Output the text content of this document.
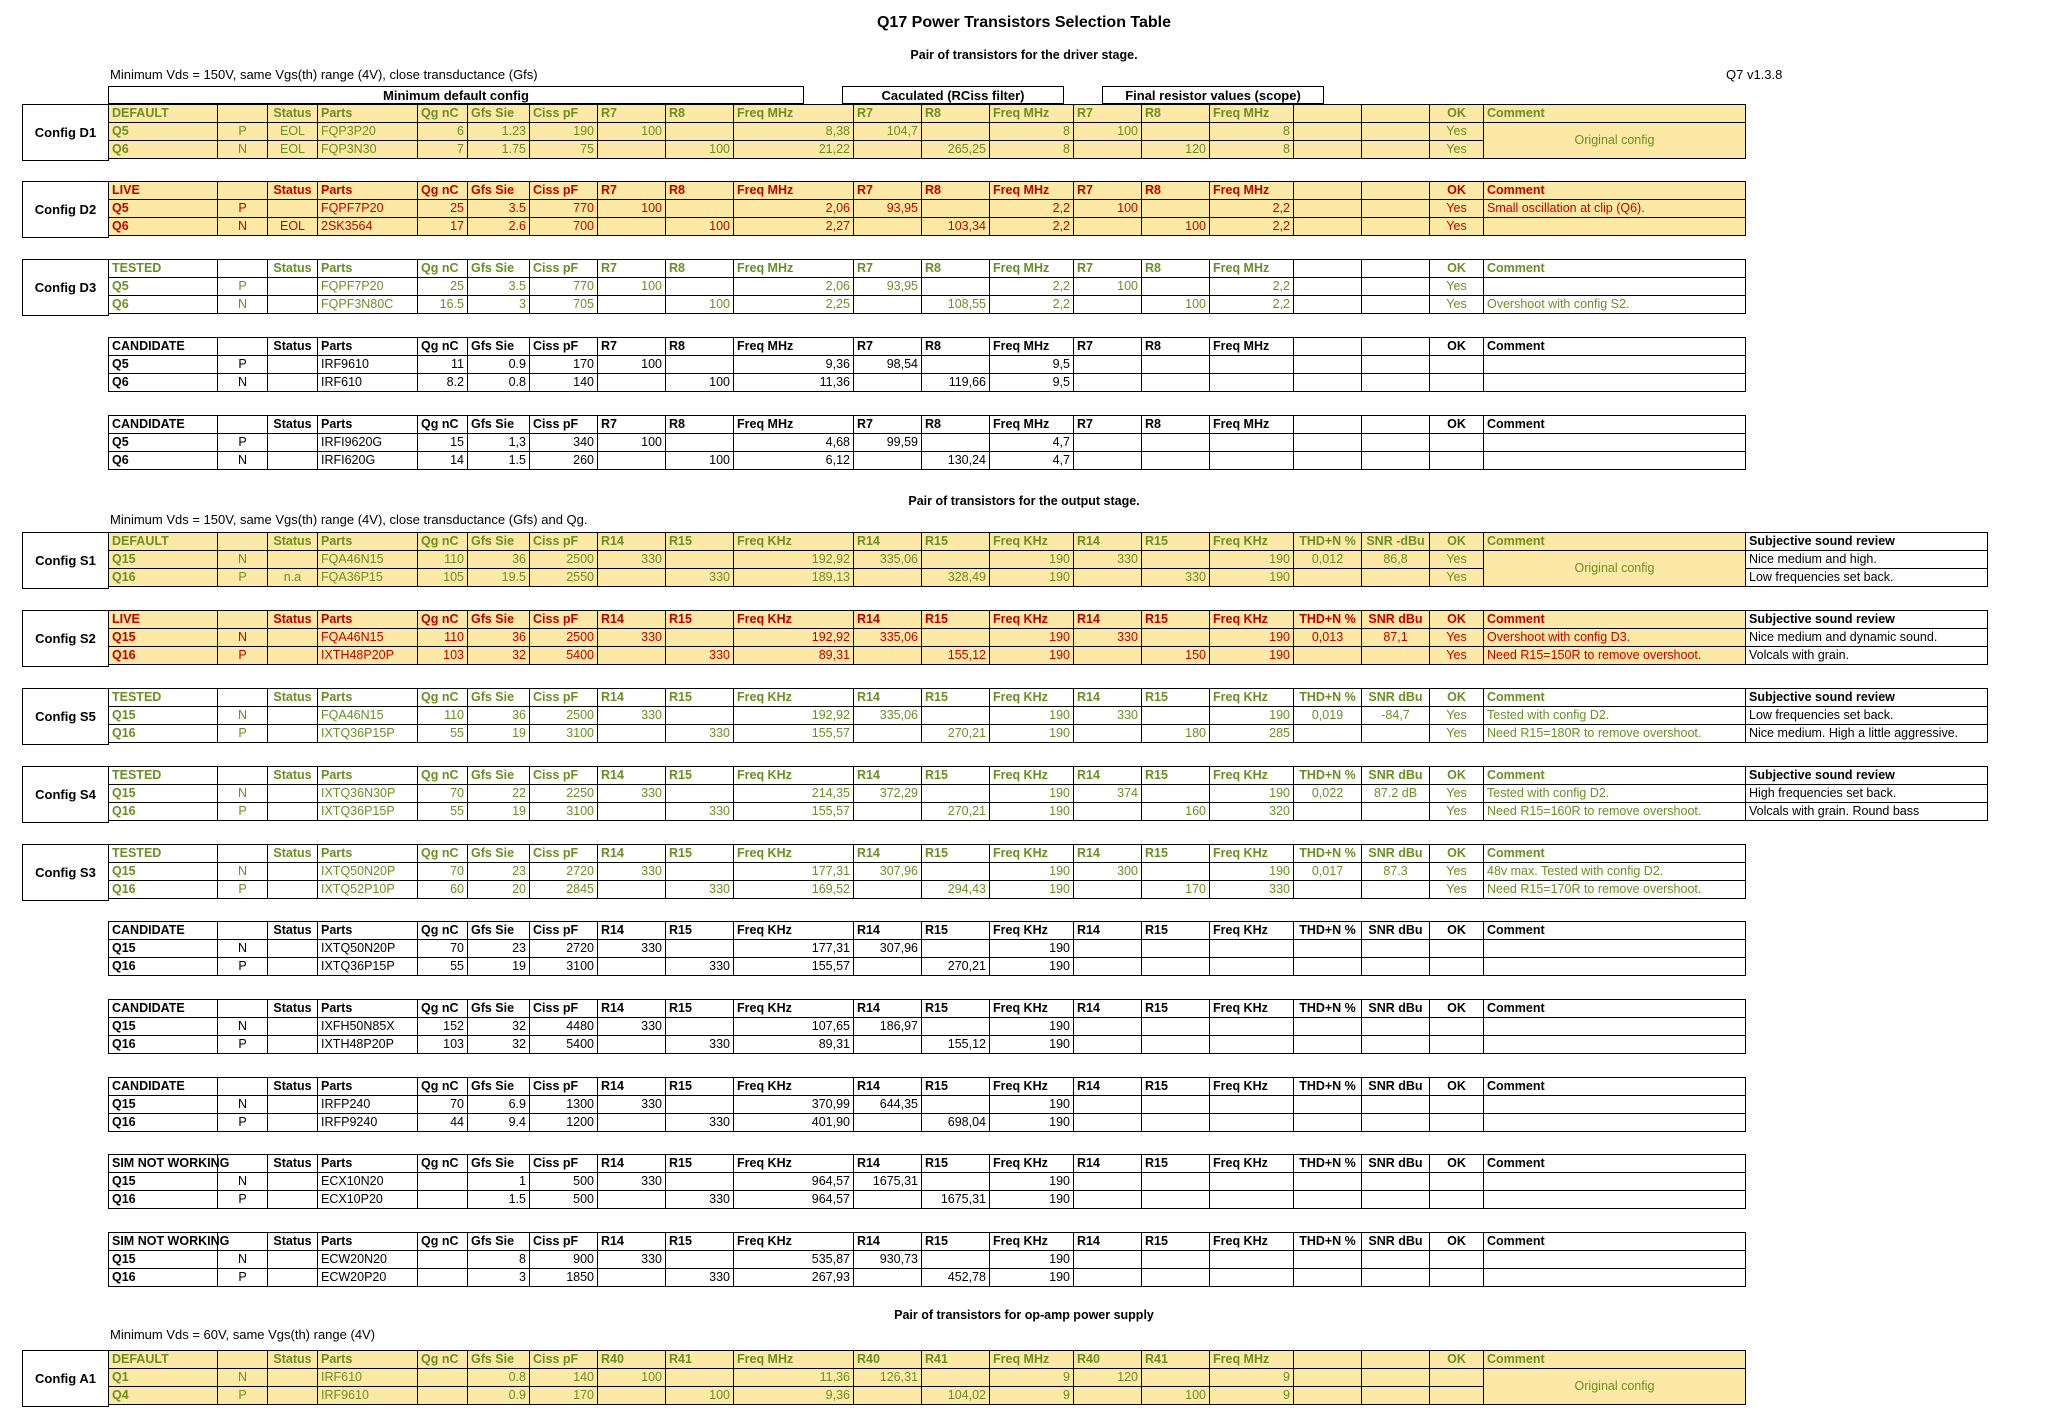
Q17 Power Transistors Selection Table
Pair of transistors for the driver stage.
Minimum Vds = 150V, same Vgs(th) range (4V), close transductance (Gfs)	Q7 v1.3.8
Minimum default config	Caculated (RCiss filter)	Final resistor values (scope)
Pair of transistors for the output stage.
Minimum Vds = 150V, same Vgs(th) range (4V), close transductance (Gfs) and Qg.
Pair of transistors for op-amp power supply
Minimum Vds = 60V, same Vgs(th) range (4V)
DEFAULT		Status	Parts	Qg nC	Gfs Sie	Ciss pF	R7	R8	Freq MHz	R7	R8	Freq MHz	R7	R8	Freq MHz			OK	Comment
Q5	P	EOL	FQP3P20	6	1.23	190	100		8,38	104,7		8	100		8			Yes	Original config
Q6	N	EOL	FQP3N30	7	1.75	75		100	21,22		265,25	8		120	8			Yes	
Config D1
LIVE		Status	Parts	Qg nC	Gfs Sie	Ciss pF	R7	R8	Freq MHz	R7	R8	Freq MHz	R7	R8	Freq MHz			OK	Comment
Q5	P		FQPF7P20	25	3.5	770	100		2,06	93,95		2,2	100		2,2			Yes	Small oscillation at clip (Q6).
Q6	N	EOL	2SK3564	17	2.6	700		100	2,27		103,34	2,2		100	2,2			Yes	
Config D2
TESTED		Status	Parts	Qg nC	Gfs Sie	Ciss pF	R7	R8	Freq MHz	R7	R8	Freq MHz	R7	R8	Freq MHz			OK	Comment
Q5	P		FQPF7P20	25	3.5	770	100		2,06	93,95		2,2	100		2,2			Yes	
Q6	N		FQPF3N80C	16.5	3	705		100	2,25		108,55	2,2		100	2,2			Yes	Overshoot with config S2.
Config D3
CANDIDATE		Status	Parts	Qg nC	Gfs Sie	Ciss pF	R7	R8	Freq MHz	R7	R8	Freq MHz	R7	R8	Freq MHz			OK	Comment
Q5	P		IRF9610	11	0.9	170	100		9,36	98,54		9,5							
Q6	N		IRF610	8.2	0.8	140		100	11,36		119,66	9,5							
CANDIDATE		Status	Parts	Qg nC	Gfs Sie	Ciss pF	R7	R8	Freq MHz	R7	R8	Freq MHz	R7	R8	Freq MHz			OK	Comment
Q5	P		IRFI9620G	15	1,3	340	100		4,68	99,59		4,7							
Q6	N		IRFI620G	14	1.5	260		100	6,12		130,24	4,7							
DEFAULT		Status	Parts	Qg nC	Gfs Sie	Ciss pF	R14	R15	Freq KHz	R14	R15	Freq KHz	R14	R15	Freq KHz	THD+N %	SNR -dBu	OK	Comment	Subjective sound review
Q15	N		FQA46N15	110	36	2500	330		192,92	335,06		190	330		190	0,012	86,8	Yes	Original config	Nice medium and high.
Q16	P	n.a	FQA36P15	105	19.5	2550		330	189,13		328,49	190		330	190			Yes		Low frequencies set back.
Config S1
LIVE		Status	Parts	Qg nC	Gfs Sie	Ciss pF	R14	R15	Freq KHz	R14	R15	Freq KHz	R14	R15	Freq KHz	THD+N %	SNR dBu	OK	Comment	Subjective sound review
Q15	N		FQA46N15	110	36	2500	330		192,92	335,06		190	330		190	0,013	87,1	Yes	Overshoot with config D3.	Nice medium and dynamic sound.
Q16	P		IXTH48P20P	103	32	5400		330	89,31		155,12	190		150	190			Yes	Need R15=150R to remove overshoot.	Volcals with grain.
Config S2
TESTED		Status	Parts	Qg nC	Gfs Sie	Ciss pF	R14	R15	Freq KHz	R14	R15	Freq KHz	R14	R15	Freq KHz	THD+N %	SNR dBu	OK	Comment	Subjective sound review
Q15	N		FQA46N15	110	36	2500	330		192,92	335,06		190	330		190	0,019	-84,7	Yes	Tested with config D2.	Low frequencies set back.
Q16	P		IXTQ36P15P	55	19	3100		330	155,57		270,21	190		180	285			Yes	Need R15=180R to remove overshoot.	Nice medium. High a little aggressive.
Config S5
TESTED		Status	Parts	Qg nC	Gfs Sie	Ciss pF	R14	R15	Freq KHz	R14	R15	Freq KHz	R14	R15	Freq KHz	THD+N %	SNR dBu	OK	Comment	Subjective sound review
Q15	N		IXTQ36N30P	70	22	2250	330		214,35	372,29		190	374		190	0,022	87.2 dB	Yes	Tested with config D2.	High frequencies set back.
Q16	P		IXTQ36P15P	55	19	3100		330	155,57		270,21	190		160	320			Yes	Need R15=160R to remove overshoot.	Volcals with grain. Round bass
Config S4
TESTED		Status	Parts	Qg nC	Gfs Sie	Ciss pF	R14	R15	Freq KHz	R14	R15	Freq KHz	R14	R15	Freq KHz	THD+N %	SNR dBu	OK	Comment
Q15	N		IXTQ50N20P	70	23	2720	330		177,31	307,96		190	300		190	0,017	87.3	Yes	48v max. Tested with config D2.
Q16	P		IXTQ52P10P	60	20	2845		330	169,52		294,43	190		170	330			Yes	Need R15=170R to remove overshoot.
Config S3
CANDIDATE		Status	Parts	Qg nC	Gfs Sie	Ciss pF	R14	R15	Freq KHz	R14	R15	Freq KHz	R14	R15	Freq KHz	THD+N %	SNR dBu	OK	Comment
Q15	N		IXTQ50N20P	70	23	2720	330		177,31	307,96		190							
Q16	P		IXTQ36P15P	55	19	3100		330	155,57		270,21	190							
CANDIDATE		Status	Parts	Qg nC	Gfs Sie	Ciss pF	R14	R15	Freq KHz	R14	R15	Freq KHz	R14	R15	Freq KHz	THD+N %	SNR dBu	OK	Comment
Q15	N		IXFH50N85X	152	32	4480	330		107,65	186,97		190							
Q16	P		IXTH48P20P	103	32	5400		330	89,31		155,12	190							
CANDIDATE		Status	Parts	Qg nC	Gfs Sie	Ciss pF	R14	R15	Freq KHz	R14	R15	Freq KHz	R14	R15	Freq KHz	THD+N %	SNR dBu	OK	Comment
Q15	N		IRFP240	70	6.9	1300	330		370,99	644,35		190							
Q16	P		IRFP9240	44	9.4	1200		330	401,90		698,04	190							
SIM NOT WORKING		Status	Parts	Qg nC	Gfs Sie	Ciss pF	R14	R15	Freq KHz	R14	R15	Freq KHz	R14	R15	Freq KHz	THD+N %	SNR dBu	OK	Comment
Q15	N		ECX10N20		1	500	330		964,57	1675,31		190							
Q16	P		ECX10P20		1.5	500		330	964,57		1675,31	190							
SIM NOT WORKING		Status	Parts	Qg nC	Gfs Sie	Ciss pF	R14	R15	Freq KHz	R14	R15	Freq KHz	R14	R15	Freq KHz	THD+N %	SNR dBu	OK	Comment
Q15	N		ECW20N20		8	900	330		535,87	930,73		190							
Q16	P		ECW20P20		3	1850		330	267,93		452,78	190							
DEFAULT		Status	Parts	Qg nC	Gfs Sie	Ciss pF	R40	R41	Freq MHz	R40	R41	Freq MHz	R40	R41	Freq MHz			OK	Comment
Q1	N		IRF610		0.8	140	100		11,36	126,31		9	120		9				Original config
Q4	P		IRF9610		0.9	170		100	9,36		104,02	9		100	9				
Config A1
